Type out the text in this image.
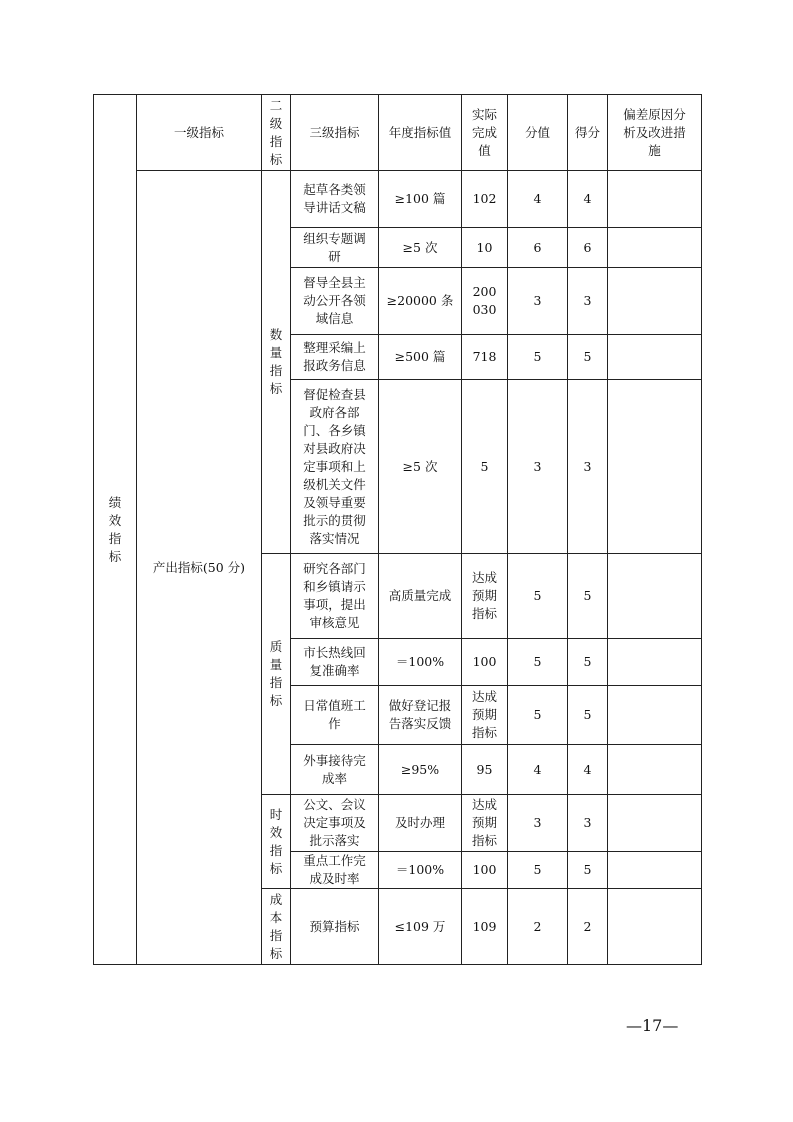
绩效指标	一级指标	二级指标	三级指标	年度指标值	实际完成值	分值	得分	偏差原因分析及改进措施

	产出指标(50 分)	数量指标	起草各类领导讲话文稿	≥100 篇	102	4	4	

			组织专题调研	≥5 次	10	6	6	

			督导全县主动公开各领域信息	≥20000 条	200030	3	3	

			整理采编上报政务信息	≥500 篇	718	5	5	

			督促检查县政府各部门、各乡镇对县政府决定事项和上级机关文件及领导重要批示的贯彻落实情况	≥5 次	5	3	3	
		质量指标	研究各部门和乡镇请示事项，提出审核意见	高质量完成	达成预期指标	5	5	

			市长热线回复准确率	＝100%	100	5	5	

			日常值班工作	做好登记报告落实反馈	达成预期指标	5	5	

			外事接待完成率	≥95%	95	4	4	
		时效指标	公文、会议决定事项及批示落实	及时办理	达成预期指标	3	3	

			重点工作完成及时率	＝100%	100	5	5	
		成本指标	预算指标	≤109 万	109	2	2	
—17—
